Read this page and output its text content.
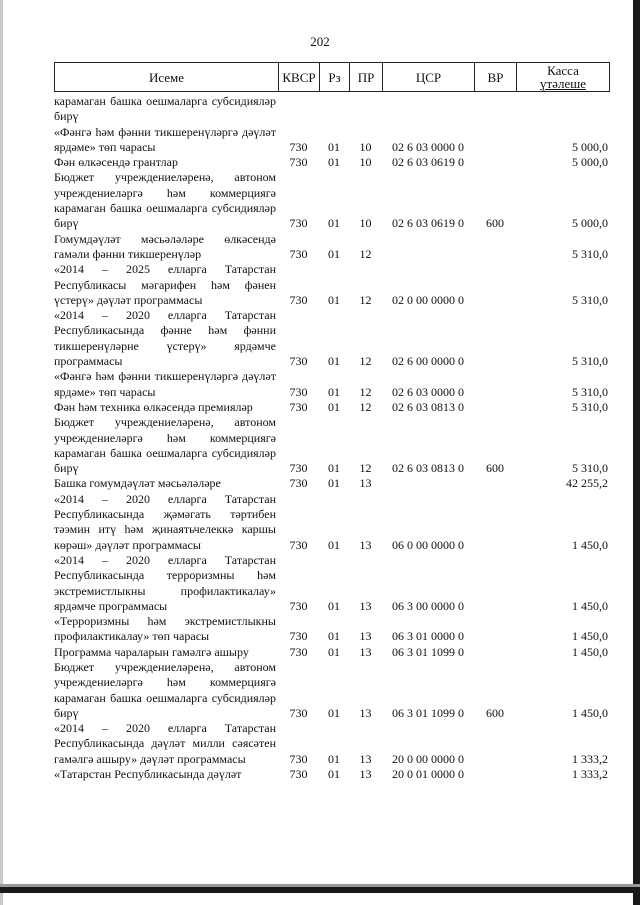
202
Исеме	КВСР Рз	ПР	ЦСР	ВР	Касса
үтәлеше
карамаган башка оешмаларга субсидияләр бирү
«Фәнгә һәм фәнни тикшеренүләргә дәүләт ярдәме» төп чарасы	730	01	10	02 6 03 0000 0	5 000,0
Фән өлкәсендә грантлар	730	01	10	02 6 03 0619 0	5 000,0
Бюджет учреждениеләренә, автоном учреждениеләргә һәм коммерциягә карамаган башка оешмаларга субсидияләр бирү	730	01	10	02 6 03 0619 0	600	5 000,0
Гомумдәүләт мәсьәләләре өлкәсендә гамәли фәнни тикшеренүләр	730	01	12	5 310,0
«2014 – 2025 елларга Татарстан Республикасы мәгарифен һәм фәнен үстерү» дәүләт программасы	730	01	12	02 0 00 0000 0	5 310,0
«2014 – 2020 елларга Татарстан Республикасында фәнне һәм фәнни тикшеренүләрне үстерү» ярдәмче программасы	730	01	12	02 6 00 0000 0	5 310,0
«Фәнгә һәм фәнни тикшеренүләргә дәүләт ярдәме» төп чарасы	730	01	12	02 6 03 0000 0	5 310,0
Фән һәм техника өлкәсендә премияләр	730	01	12	02 6 03 0813 0	5 310,0
Бюджет учреждениеләренә, автоном учреждениеләргә һәм коммерциягә карамаган башка оешмаларга субсидияләр бирү	730	01	12	02 6 03 0813 0	600	5 310,0
Башка гомумдәүләт мәсьәләләре	730	01	13	42 255,2
«2014 – 2020 елларга Татарстан Республикасында җәмәгать тәртибен тәэмин итү һәм җинаятьчелеккә каршы көрәш» дәүләт программасы	730	01	13	06 0 00 0000 0	1 450,0
«2014 – 2020 елларга Татарстан Республикасында терроризмны һәм экстремистлыкны профилактикалау» ярдәмче программасы	730	01	13	06 3 00 0000 0	1 450,0
«Терроризмны һәм экстремистлыкны профилактикалау» төп чарасы	730	01	13	06 3 01 0000 0	1 450,0
Программа чараларын гамәлгә ашыру	730	01	13	06 3 01 1099 0	1 450,0
Бюджет учреждениеләренә, автоном учреждениеләргә һәм коммерциягә карамаган башка оешмаларга субсидияләр бирү	730	01	13	06 3 01 1099 0	600	1 450,0
«2014 – 2020 елларга Татарстан Республикасында дәүләт милли сәясәтен гамәлгә ашыру» дәүләт программасы	730	01	13	20 0 00 0000 0	1 333,2
«Татарстан Республикасында дәүләт	730	01	13	20 0 01 0000 0	1 333,2
